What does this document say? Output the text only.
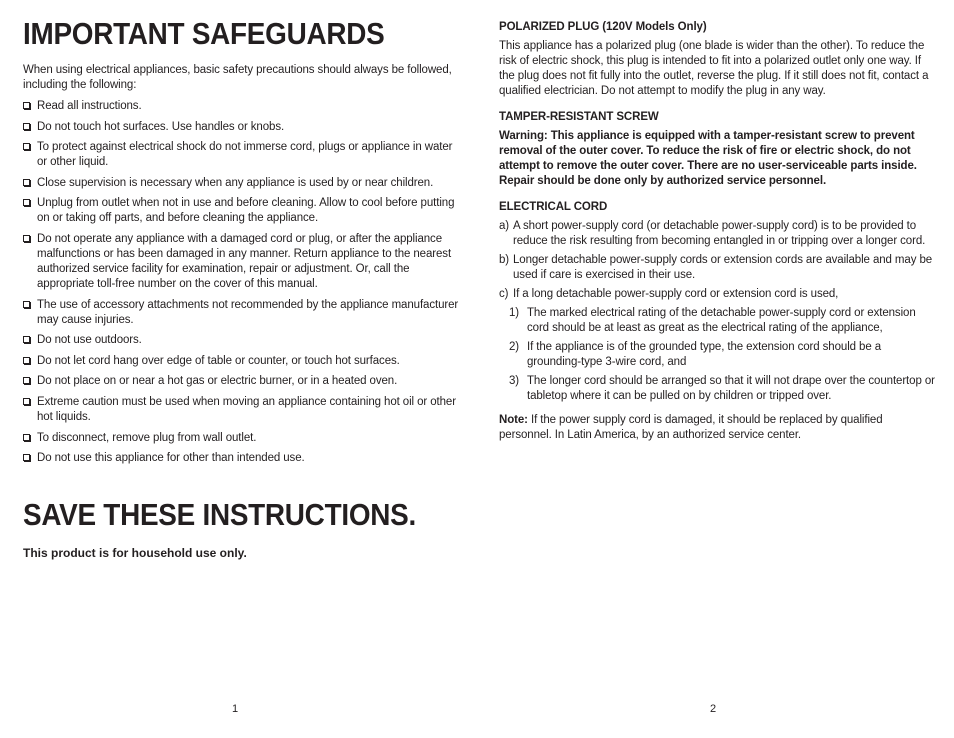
IMPORTANT SAFEGUARDS
When using electrical appliances, basic safety precautions should always be followed, including the following:
Read all instructions.
Do not touch hot surfaces. Use handles or knobs.
To protect against electrical shock do not immerse cord, plugs or appliance in water or other liquid.
Close supervision is necessary when any appliance is used by or near children.
Unplug from outlet when not in use and before cleaning. Allow to cool before putting on or taking off parts, and before cleaning the appliance.
Do not operate any appliance with a damaged cord or plug, or after the appliance malfunctions or has been damaged in any manner. Return appliance to the nearest authorized service facility for examination, repair or adjustment. Or, call the appropriate toll-free number on the cover of this manual.
The use of accessory attachments not recommended by the appliance manufacturer may cause injuries.
Do not use outdoors.
Do not let cord hang over edge of table or counter, or touch hot surfaces.
Do not place on or near a hot gas or electric burner, or in a heated oven.
Extreme caution must be used when moving an appliance containing hot oil or other hot liquids.
To disconnect, remove plug from wall outlet.
Do not use this appliance for other than intended use.
SAVE THESE INSTRUCTIONS.
This product is for household use only.
POLARIZED PLUG (120V Models Only)
This appliance has a polarized plug (one blade is wider than the other). To reduce the risk of electric shock, this plug is intended to fit into a polarized outlet only one way. If the plug does not fit fully into the outlet, reverse the plug. If it still does not fit, contact a qualified electrician. Do not attempt to modify the plug in any way.
TAMPER-RESISTANT SCREW
Warning: This appliance is equipped with a tamper-resistant screw to prevent removal of the outer cover. To reduce the risk of fire or electric shock, do not attempt to remove the outer cover. There are no user-serviceable parts inside. Repair should be done only by authorized service personnel.
ELECTRICAL CORD
a) A short power-supply cord (or detachable power-supply cord) is to be provided to reduce the risk resulting from becoming entangled in or tripping over a longer cord.
b) Longer detachable power-supply cords or extension cords are available and may be used if care is exercised in their use.
c) If a long detachable power-supply cord or extension cord is used,
1) The marked electrical rating of the detachable power-supply cord or extension cord should be at least as great as the electrical rating of the appliance,
2) If the appliance is of the grounded type, the extension cord should be a grounding-type 3-wire cord, and
3) The longer cord should be arranged so that it will not drape over the countertop or tabletop where it can be pulled on by children or tripped over.
Note: If the power supply cord is damaged, it should be replaced by qualified personnel. In Latin America, by an authorized service center.
1	2
